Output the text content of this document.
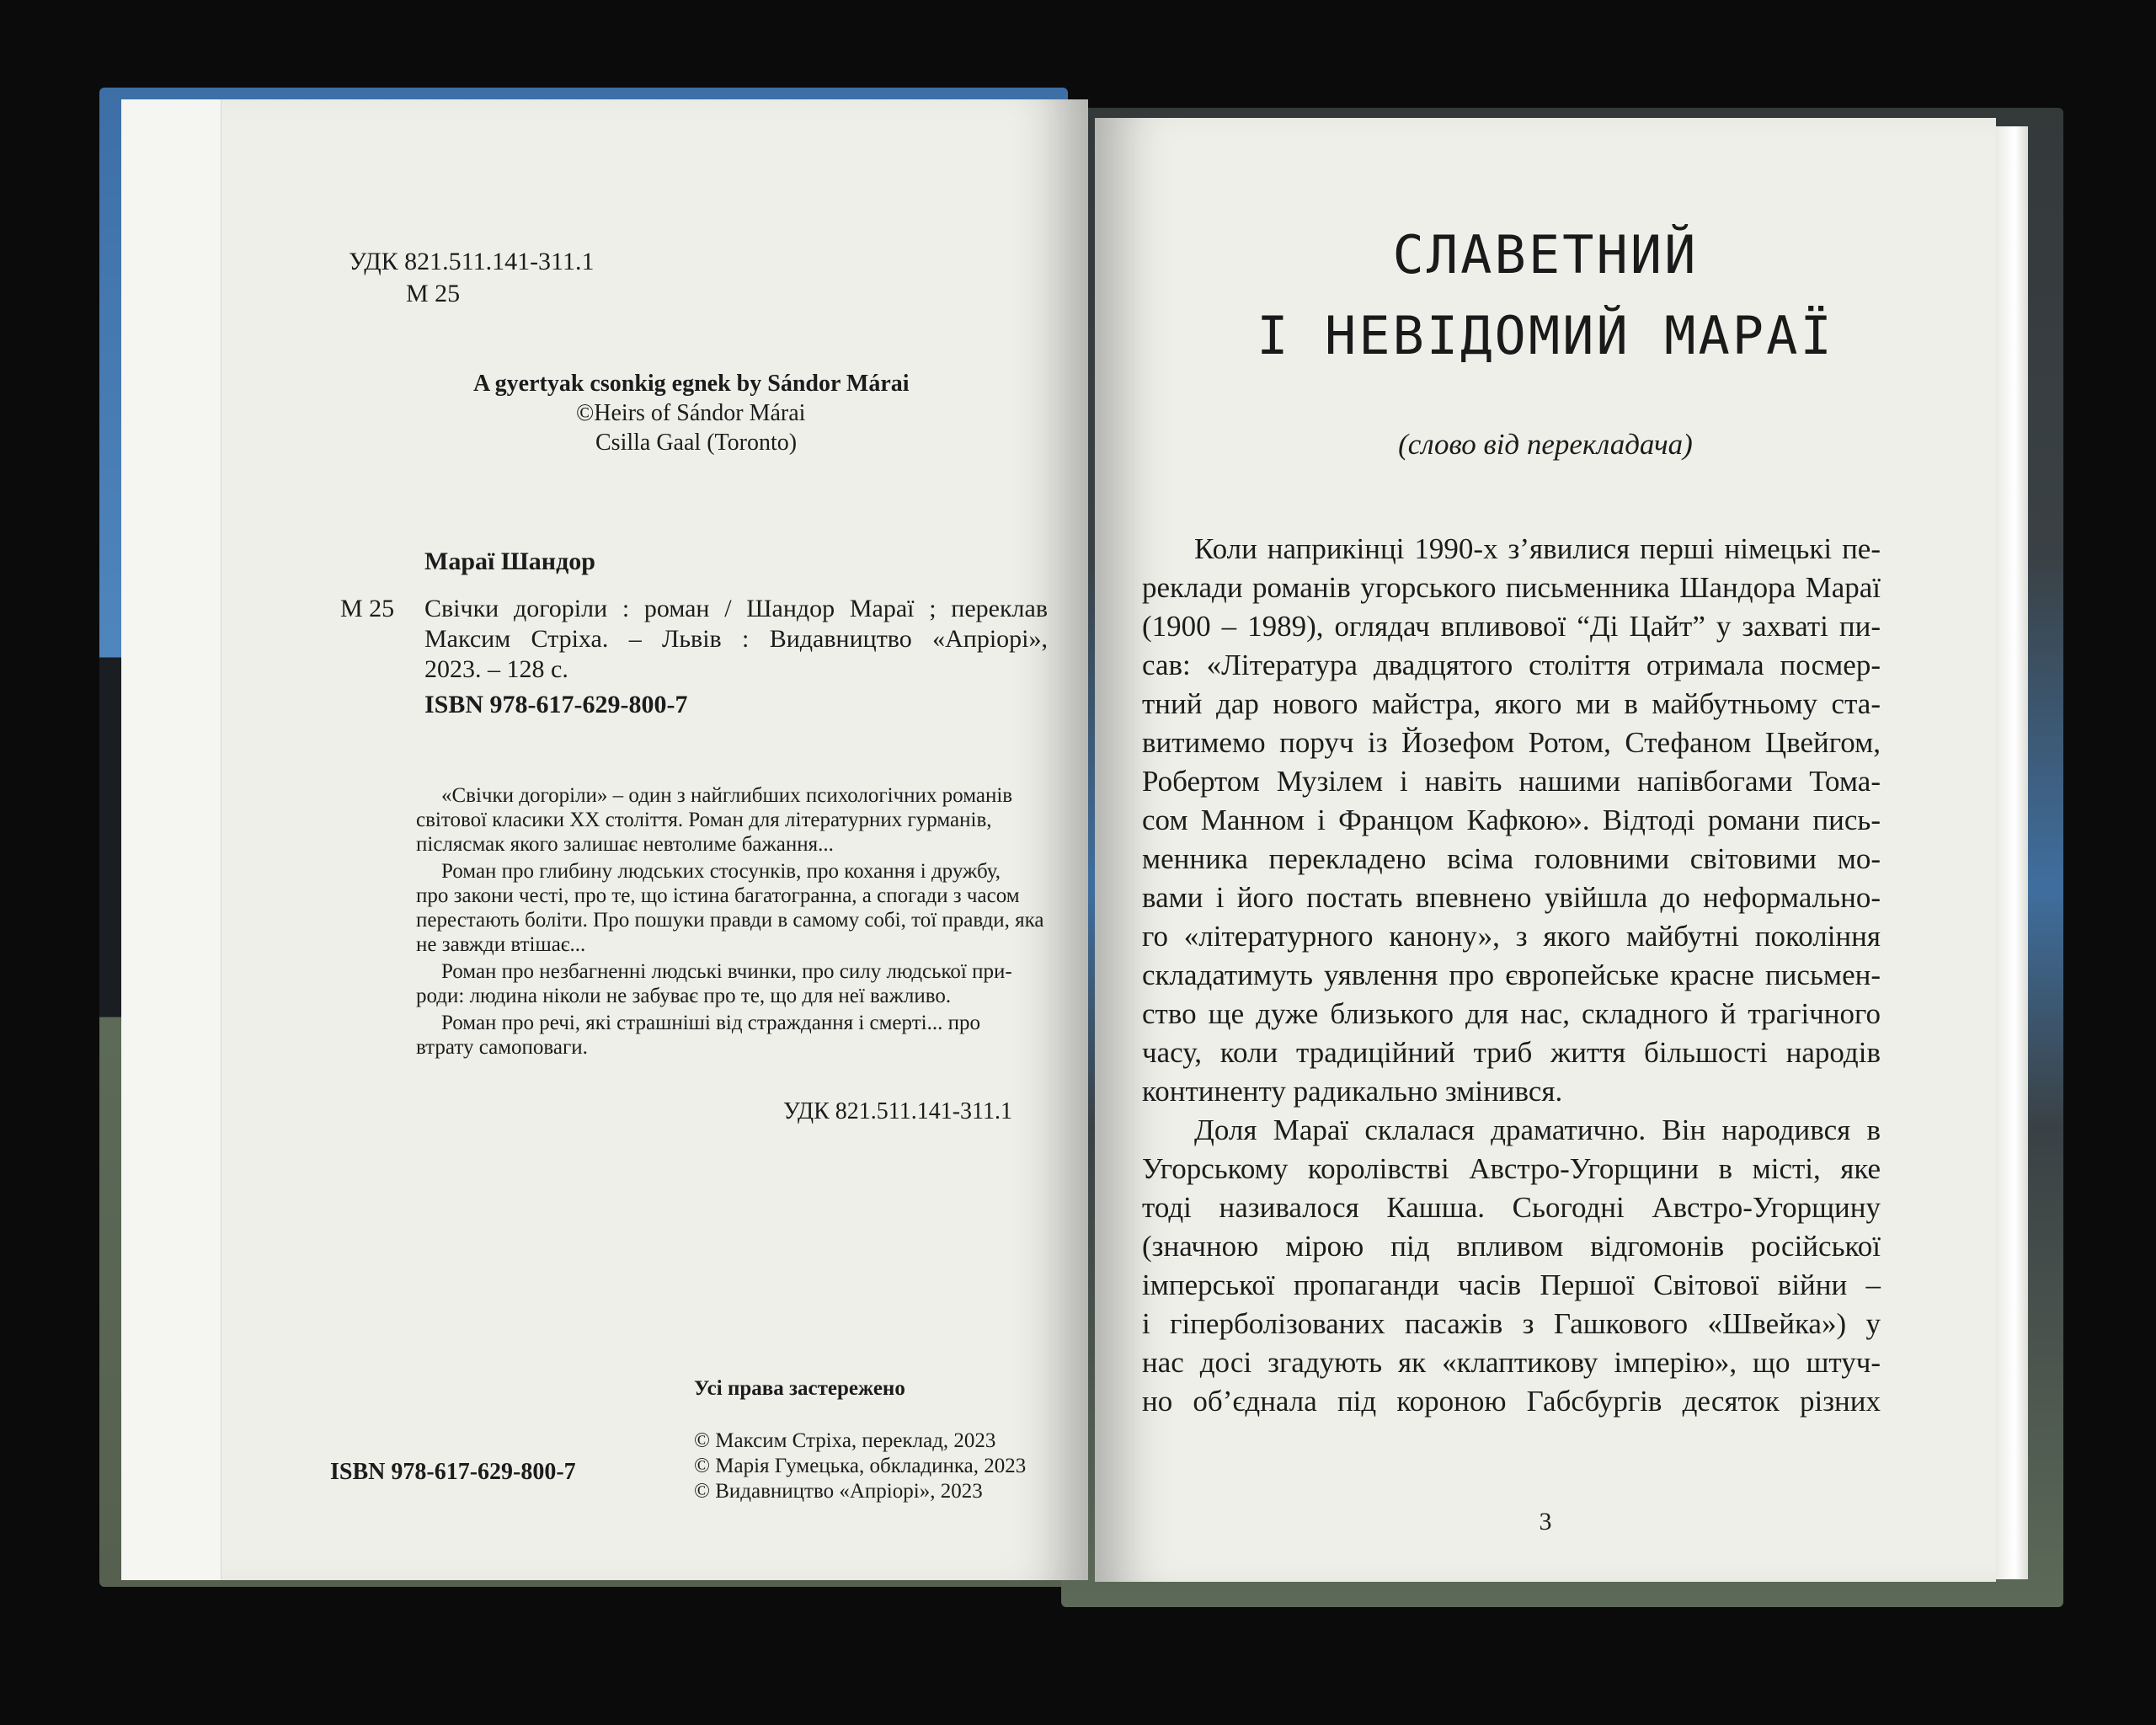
УДК 821.511.141-311.1
M 25
A gyertyak csonkig egnek by Sándor Márai
©Heirs of Sándor Márai
Csilla Gaal (Toronto)
Мараї Шандор
М 25 Свічки догоріли : роман / Шандор Мараї ; переклав
Максим Стріха. – Львів : Видавництво «Апріорі»,
2023. – 128 с.
ISBN 978-617-629-800-7
«Свічки догоріли» – один з найглибших психологічних романів
світової класики XX століття. Роман для літературних гурманів,
післясмак якого залишає невтолиме бажання...
Роман про глибину людських стосунків, про кохання і дружбу,
про закони честі, про те, що істина багатогранна, а спогади з часом
перестають боліти. Про пошуки правди в самому собі, тої правди, яка
не завжди втішає...
Роман про незбагненні людські вчинки, про силу людської при-
роди: людина ніколи не забуває про те, що для неї важливо.
Роман про речі, які страшніші від страждання і смерті... про
втрату самоповаги.
УДК 821.511.141-311.1
Усі права застережено
© Максим Стріха, переклад, 2023
© Марія Гумецька, обкладинка, 2023
© Видавництво «Апріорі», 2023
ISBN 978-617-629-800-7
СЛАВЕТНИЙ
І НЕВІДОМИЙ МАРАЇ
(слово від перекладача)
Коли наприкінці 1990-х з’явилися перші німецькі пе-
реклади романів угорського письменника Шандора Мараї
(1900 – 1989), оглядач впливової “Ді Цайт” у захваті пи-
сав: «Література двадцятого століття отримала посмер-
тний дар нового майстра, якого ми в майбутньому ста-
витимемо поруч із Йозефом Ротом, Стефаном Цвейгом,
Робертом Музілем і навіть нашими напівбогами Тома-
сом Манном і Францом Кафкою». Відтоді романи пись-
менника перекладено всіма головними світовими мо-
вами і його постать впевнено увійшла до неформально-
го «літературного канону», з якого майбутні покоління
складатимуть уявлення про європейське красне письмен-
ство ще дуже близького для нас, складного й трагічного
часу, коли традиційний триб життя більшості народів
континенту радикально змінився.
Доля Мараї склалася драматично. Він народився в
Угорському королівстві Австро-Угорщини в місті, яке
тоді називалося Кашша. Сьогодні Австро-Угорщину
(значною мірою під впливом відгомонів російської
імперської пропаганди часів Першої Світової війни –
і гіперболізованих пасажів з Гашкового «Швейка») у
нас досі згадують як «клаптикову імперію», що штуч-
но об’єднала під короною Габсбургів десяток різних
3
